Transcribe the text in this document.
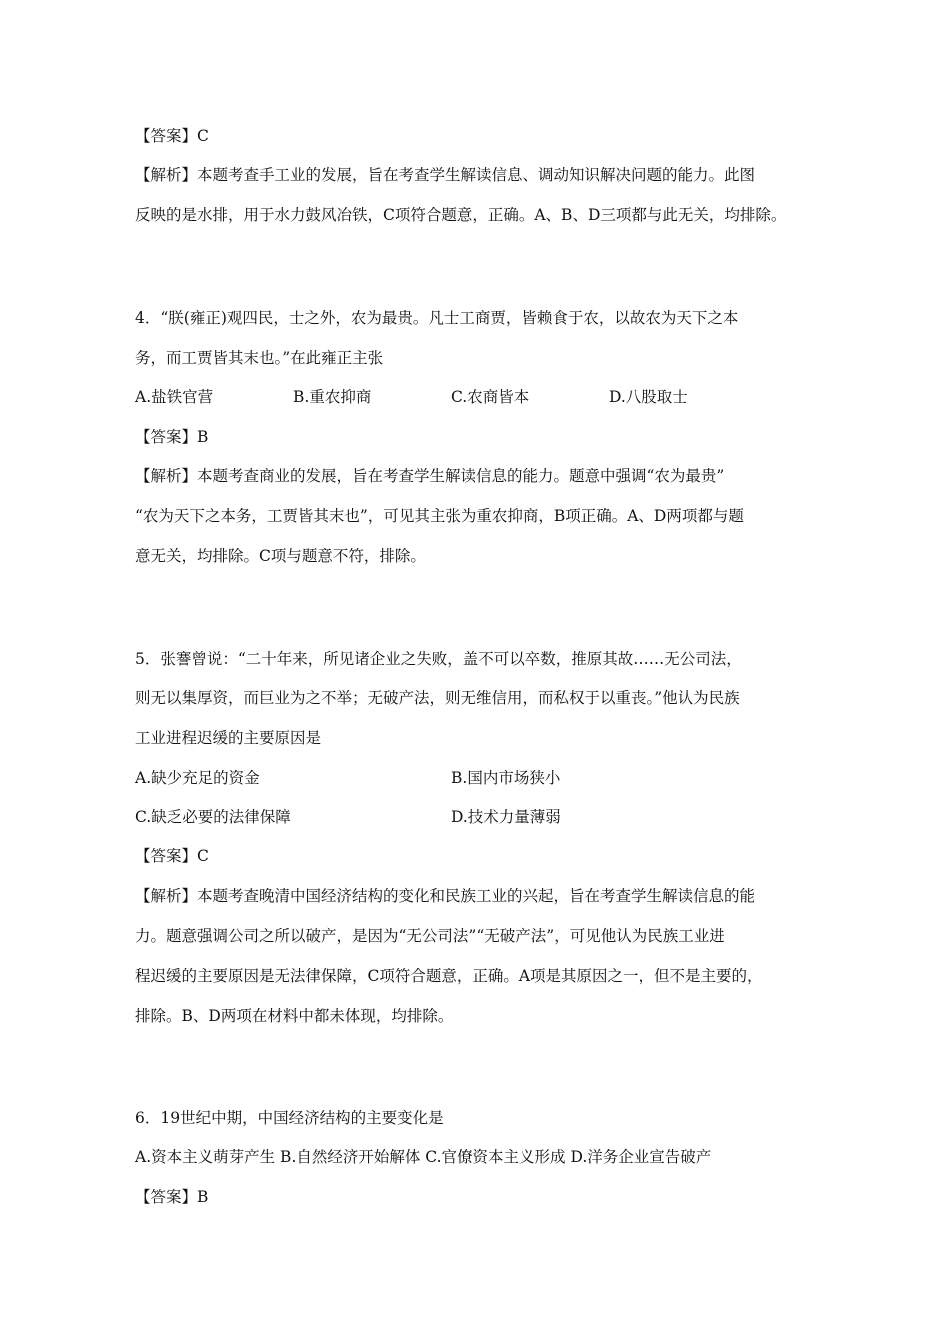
【答案】C
【解析】本题考查手工业的发展，旨在考查学生解读信息、调动知识解决问题的能力。此图
反映的是水排，用于水力鼓风冶铁，C项符合题意，正确。A、B、D三项都与此无关，均排除。
4．“朕(雍正)观四民，士之外，农为最贵。凡士工商贾，皆赖食于农，以故农为天下之本
务，而工贾皆其末也。”在此雍正主张
A.盐铁官营	B.重农抑商	C.农商皆本	D.八股取士
【答案】B
【解析】本题考查商业的发展，旨在考查学生解读信息的能力。题意中强调“农为最贵”
“农为天下之本务，工贾皆其末也”，可见其主张为重农抑商，B项正确。A、D两项都与题
意无关，均排除。C项与题意不符，排除。
5．张謇曾说：“二十年来，所见诸企业之失败，盖不可以卒数，推原其故……无公司法，
则无以集厚资，而巨业为之不举；无破产法，则无维信用，而私权于以重丧。”他认为民族
工业进程迟缓的主要原因是
A.缺少充足的资金	B.国内市场狭小
C.缺乏必要的法律保障	D.技术力量薄弱
【答案】C
【解析】本题考查晚清中国经济结构的变化和民族工业的兴起，旨在考查学生解读信息的能
力。题意强调公司之所以破产，是因为“无公司法”“无破产法”，可见他认为民族工业进
程迟缓的主要原因是无法律保障，C项符合题意，正确。A项是其原因之一，但不是主要的，
排除。B、D两项在材料中都未体现，均排除。
6．19世纪中期，中国经济结构的主要变化是
A.资本主义萌芽产生 B.自然经济开始解体 C.官僚资本主义形成 D.洋务企业宣告破产
【答案】B
